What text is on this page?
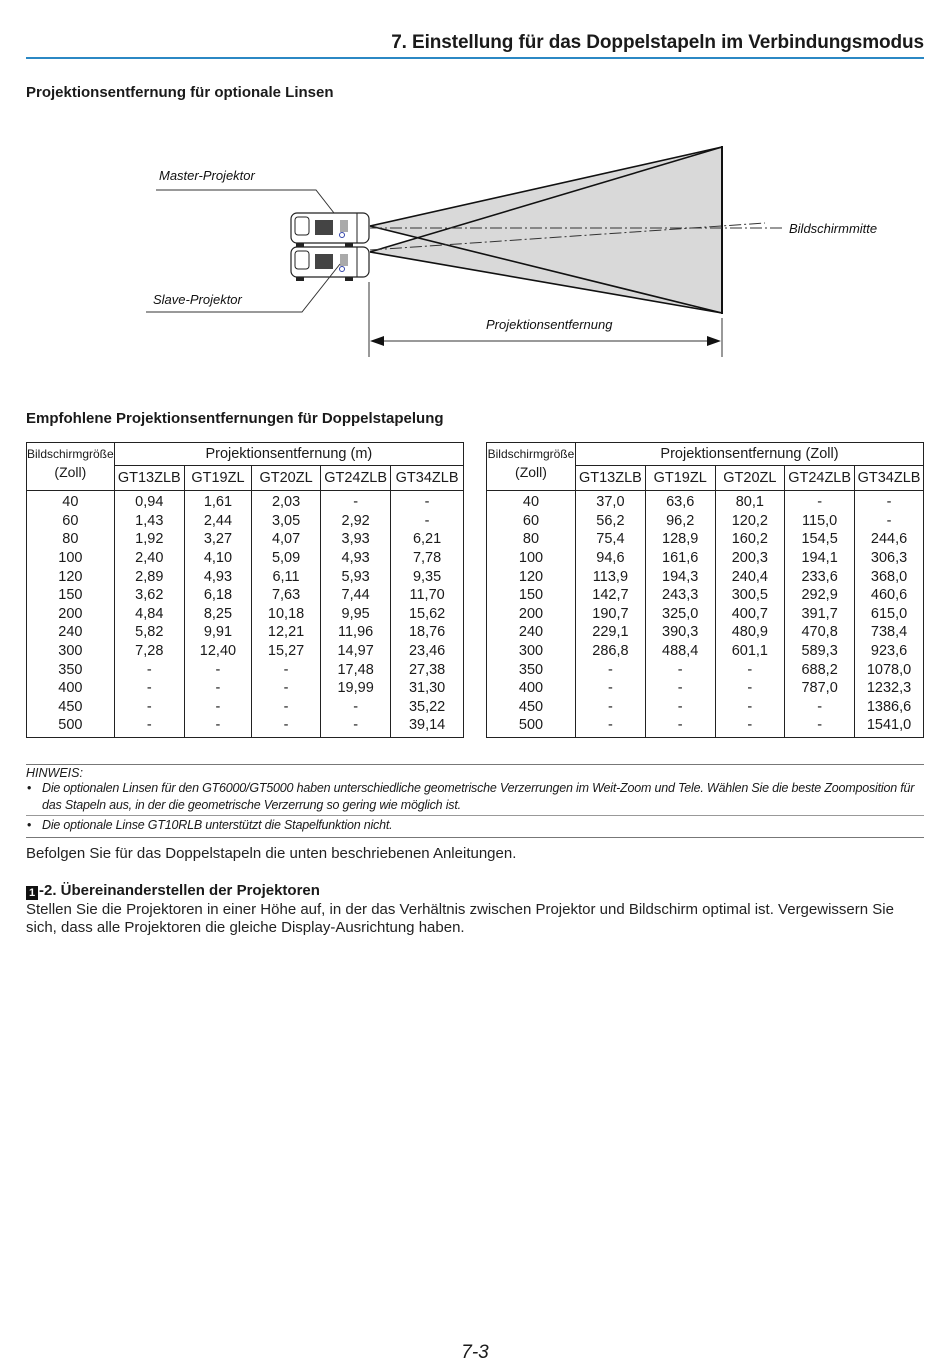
7. Einstellung für das Doppelstapeln im Verbindungsmodus
Projektionsentfernung für optionale Linsen
Master-Projektor
Slave-Projektor
Bildschirmmitte
Projektionsentfernung
Empfohlene Projektionsentfernungen für Doppelstapelung
Bildschirmgröße
(Zoll)	Projektionsentfernung (m)				
	GT13ZLB	GT19ZL	GT20ZL	GT24ZLB	GT34ZLB
40	0,94	1,61	2,03	-	-
60	1,43	2,44	3,05	2,92	-
80	1,92	3,27	4,07	3,93	6,21
100	2,40	4,10	5,09	4,93	7,78
120	2,89	4,93	6,11	5,93	9,35
150	3,62	6,18	7,63	7,44	11,70
200	4,84	8,25	10,18	9,95	15,62
240	5,82	9,91	12,21	11,96	18,76
300	7,28	12,40	15,27	14,97	23,46
350	-	-	-	17,48	27,38
400	-	-	-	19,99	31,30
450	-	-	-	-	35,22
500	-	-	-	-	39,14
Bildschirmgröße
(Zoll)	Projektionsentfernung (Zoll)				
	GT13ZLB	GT19ZL	GT20ZL	GT24ZLB	GT34ZLB
40	37,0	63,6	80,1	-	-
60	56,2	96,2	120,2	115,0	-
80	75,4	128,9	160,2	154,5	244,6
100	94,6	161,6	200,3	194,1	306,3
120	113,9	194,3	240,4	233,6	368,0
150	142,7	243,3	300,5	292,9	460,6
200	190,7	325,0	400,7	391,7	615,0
240	229,1	390,3	480,9	470,8	738,4
300	286,8	488,4	601,1	589,3	923,6
350	-	-	-	688,2	1078,0
400	-	-	-	787,0	1232,3
450	-	-	-	-	1386,6
500	-	-	-	-	1541,0
HINWEIS:
• Die optionalen Linsen für den GT6000/GT5000 haben unterschiedliche geometrische Verzerrungen im Weit-Zoom und Tele. Wählen Sie die beste Zoomposition für das Stapeln aus, in der die geometrische Verzerrung so gering wie möglich ist.
• Die optionale Linse GT10RLB unterstützt die Stapelfunktion nicht.
Befolgen Sie für das Doppelstapeln die unten beschriebenen Anleitungen.
1 -2. Übereinanderstellen der Projektoren
Stellen Sie die Projektoren in einer Höhe auf, in der das Verhältnis zwischen Projektor und Bildschirm optimal ist. Vergewissern Sie sich, dass alle Projektoren die gleiche Display-Ausrichtung haben.
7-3
